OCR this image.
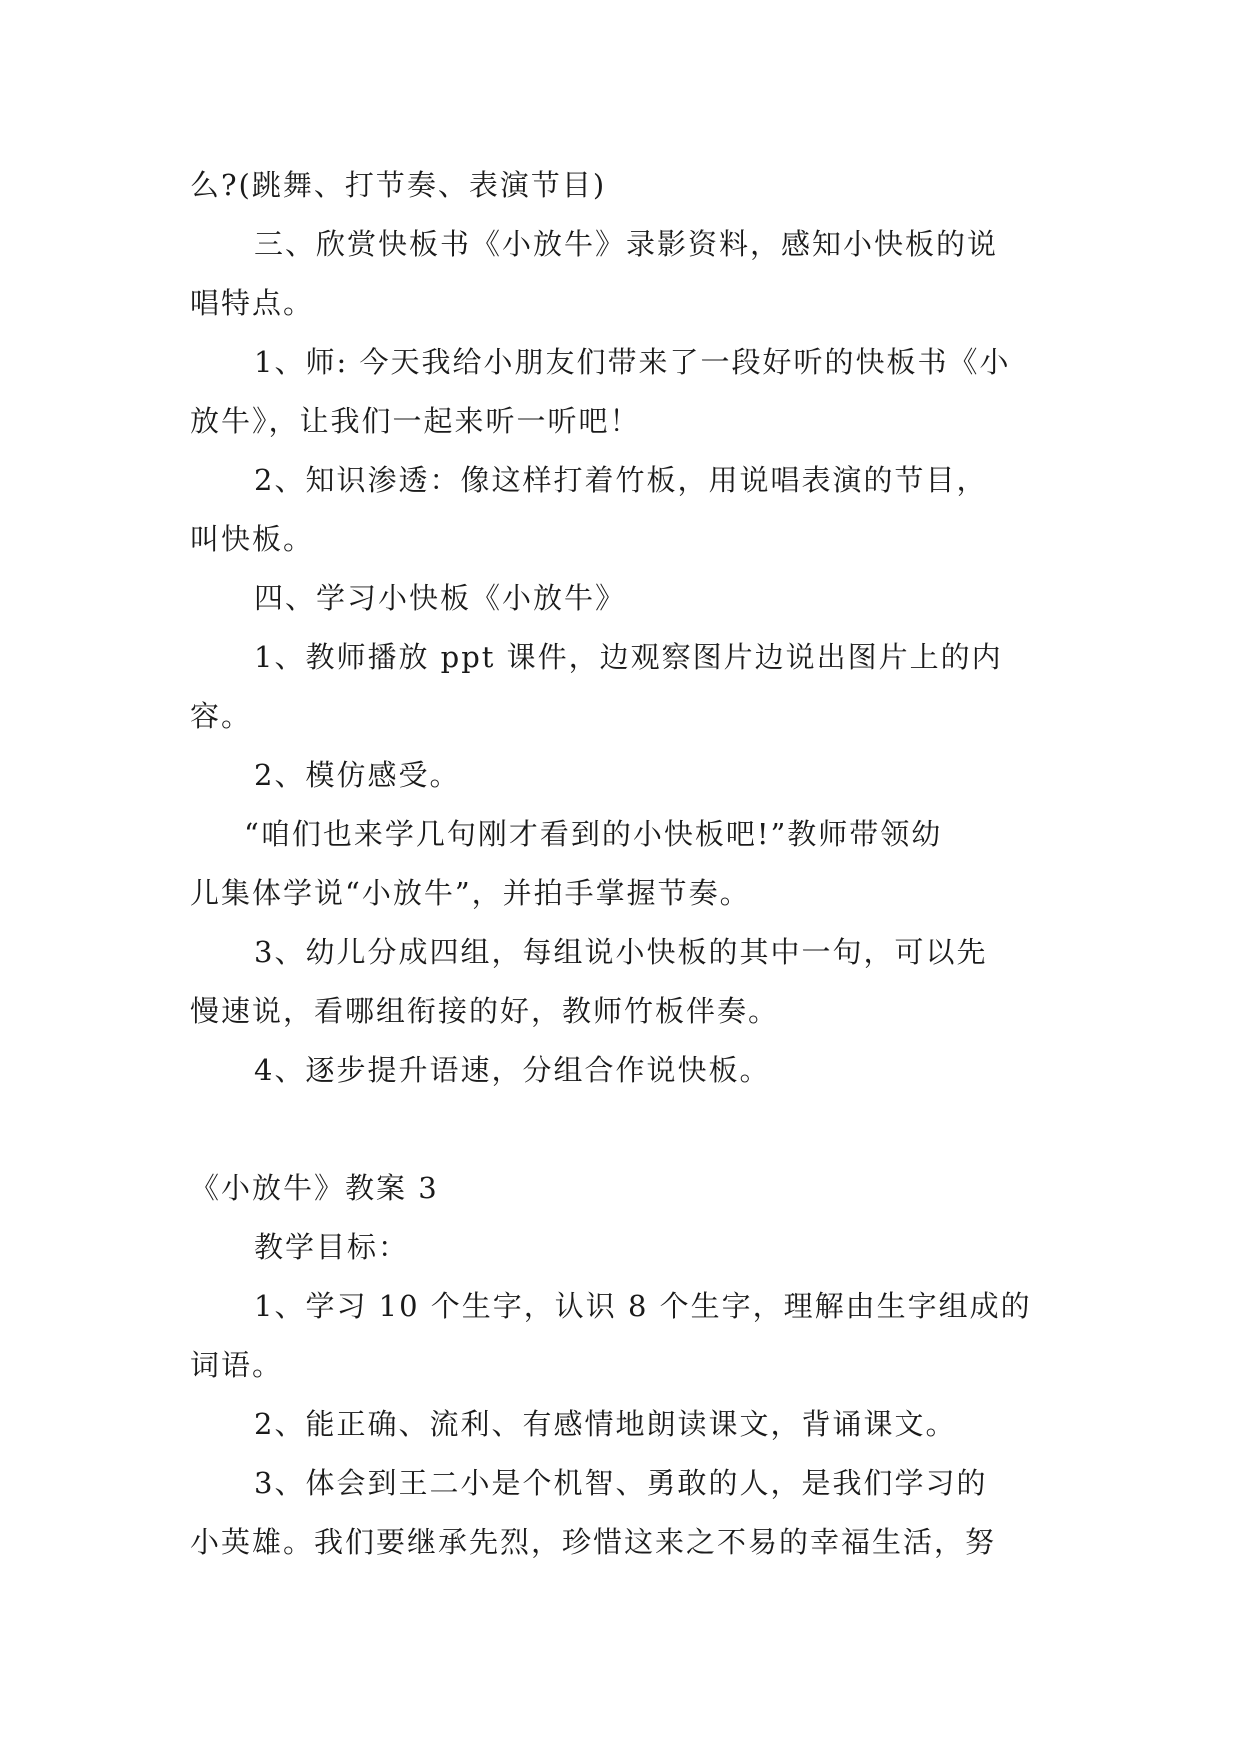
么?(跳舞、打节奏、表演节目)
三、欣赏快板书《小放牛》录影资料，感知小快板的说
唱特点。
1、师: 今天我给小朋友们带来了一段好听的快板书《小
放牛》，让我们一起来听一听吧！
2、知识渗透：像这样打着竹板，用说唱表演的节目，
叫快板。
四、学习小快板《小放牛》
1、教师播放 ppt 课件，边观察图片边说出图片上的内
容。
2、模仿感受。
“咱们也来学几句刚才看到的小快板吧!”教师带领幼
儿集体学说“小放牛”，并拍手掌握节奏。
3、幼儿分成四组，每组说小快板的其中一句，可以先
慢速说，看哪组衔接的好，教师竹板伴奏。
4、逐步提升语速，分组合作说快板。
《小放牛》教案 3
教学目标：
1、学习 10 个生字，认识 8 个生字，理解由生字组成的
词语。
2、能正确、流利、有感情地朗读课文，背诵课文。
3、体会到王二小是个机智、勇敢的人，是我们学习的
小英雄。我们要继承先烈，珍惜这来之不易的幸福生活，努
